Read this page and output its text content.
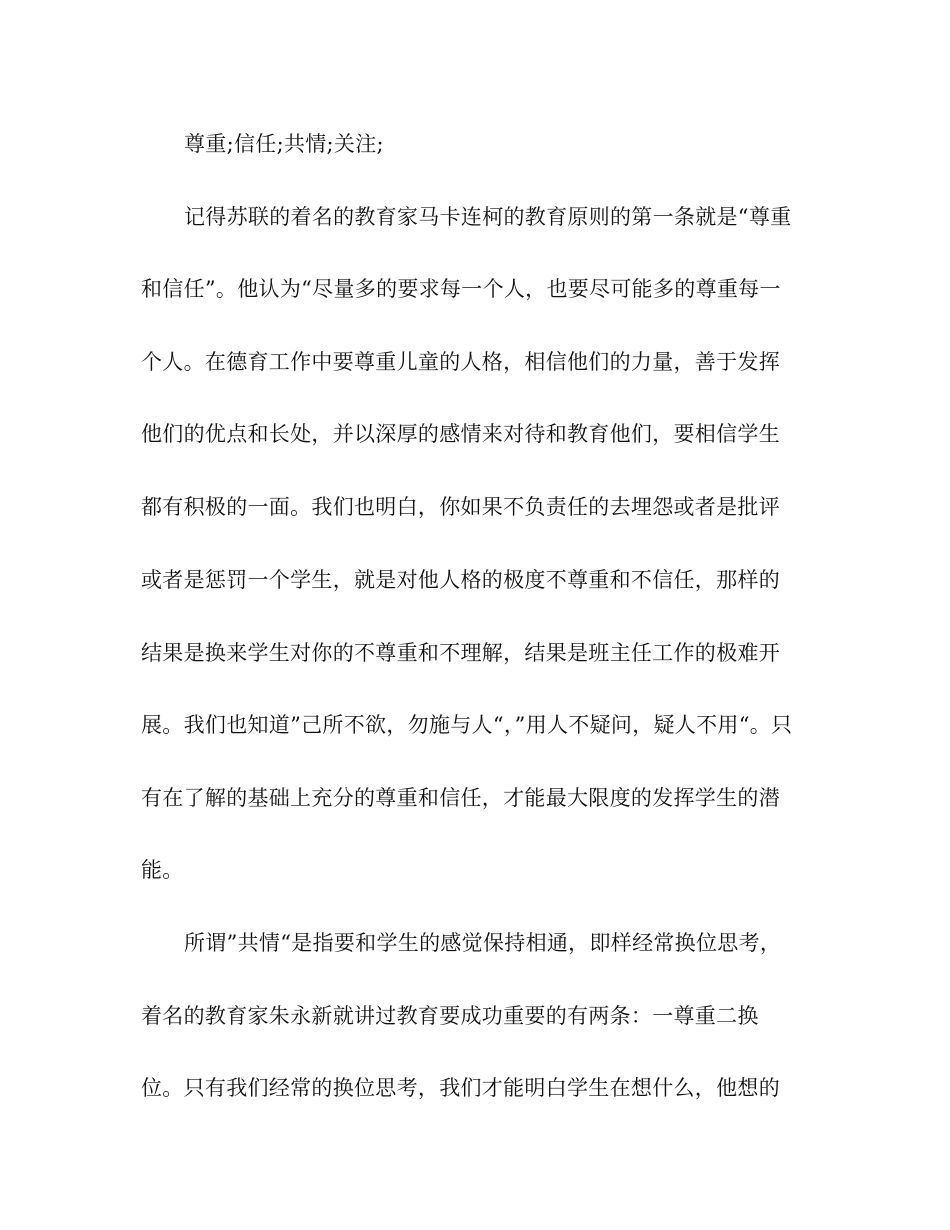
尊重;信任;共情;关注;
记得苏联的着名的教育家马卡连柯的教育原则的第一条就是“尊重
和信任”。他认为“尽量多的要求每一个人，也要尽可能多的尊重每一
个人。在德育工作中要尊重儿童的人格，相信他们的力量，善于发挥
他们的优点和长处，并以深厚的感情来对待和教育他们，要相信学生
都有积极的一面。我们也明白，你如果不负责任的去埋怨或者是批评
或者是惩罚一个学生，就是对他人格的极度不尊重和不信任，那样的
结果是换来学生对你的不尊重和不理解，结果是班主任工作的极难开
展。我们也知道”己所不欲，勿施与人“，”用人不疑问，疑人不用“。只
有在了解的基础上充分的尊重和信任，才能最大限度的发挥学生的潜
能。
所谓”共情“是指要和学生的感觉保持相通，即样经常换位思考，
着名的教育家朱永新就讲过教育要成功重要的有两条：一尊重二换
位。只有我们经常的换位思考，我们才能明白学生在想什么，他想的
